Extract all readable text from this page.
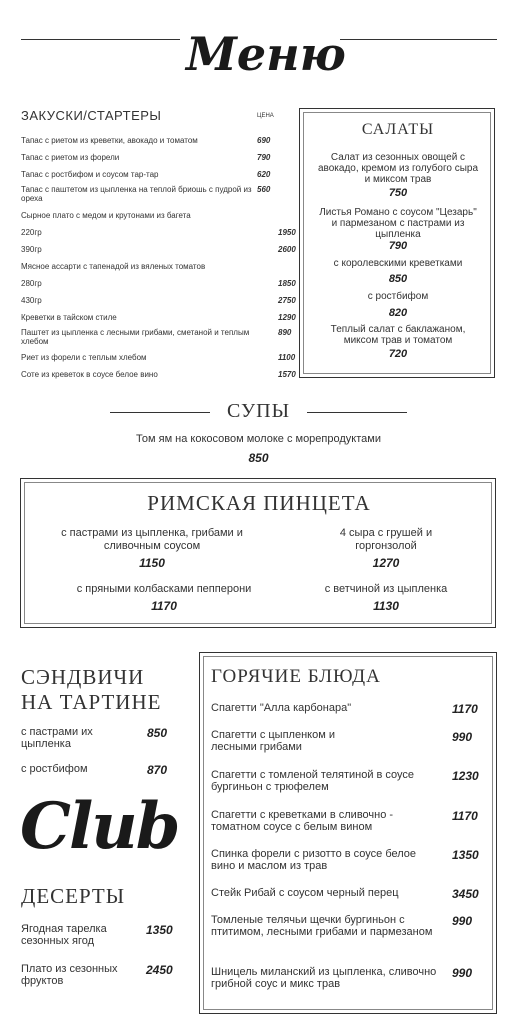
Меню
ЗАКУСКИ/СТАРТЕРЫ	ЦЕНА
Тапас с риетом из креветки, авокадо и томатом	690
Тапас с риетом из форели	790
Тапас с ростбифом и соусом тар-тар	620
Тапас с паштетом из цыпленка на теплой бриошь с пудрой из ореха
560
Сырное плато с медом и крутонами из багета
220гр	1950
390гр	2600
Мясное ассарти с тапенадой из вяленых томатов
280гр	1850
430гр	2750
Креветки в тайском стиле	1290
Паштет из цыпленка с лесными грибами, сметаной и теплым хлебом
890
Риет из форели с теплым хлебом	1100
Соте из креветок в соусе белое вино	1570
САЛАТЫ
Салат из сезонных овощей с авокадо, кремом из голубого сыра и миксом трав
750
Листья Романо с соусом "Цезарь" и пармезаном с пастрами из цыпленка
790
с королевскими креветками
850
с ростбифом
820
Теплый салат с баклажаном, миксом трав и томатом
720
СУПЫ
Том ям на кокосовом молоке с морепродуктами
850
РИМСКАЯ ПИНЦЕТА
с пастрами из цыпленка, грибами и сливочным соусом
1150
4 сыра с грушей и горгонзолой
1270
с пряными колбасками пепперони
1170
с ветчиной из цыпленка
1130
СЭНДВИЧИ
НА ТАРТИНЕ
с пастрами их цыпленка
850
с ростбифом	870
Club
ДЕСЕРТЫ
Ягодная тарелка сезонных ягод
1350
Плато из сезонных фруктов
2450
ГОРЯЧИЕ БЛЮДА
Спагетти "Алла карбонара"	1170
Спагетти с цыпленком и лесными грибами
990
Спагетти с томленой телятиной в соусе бургиньон с трюфелем
1230
Спагетти с креветками в сливочно - томатном соусе с белым вином
1170
Спинка форели с ризотто в соусе белое вино и маслом из трав
1350
Стейк Рибай с соусом черный перец	3450
Томленые телячьи щечки бургиньон с птитимом, лесными грибами и пармезаном
990
Шницель миланский из цыпленка, сливочно грибной соус и микс трав
990
